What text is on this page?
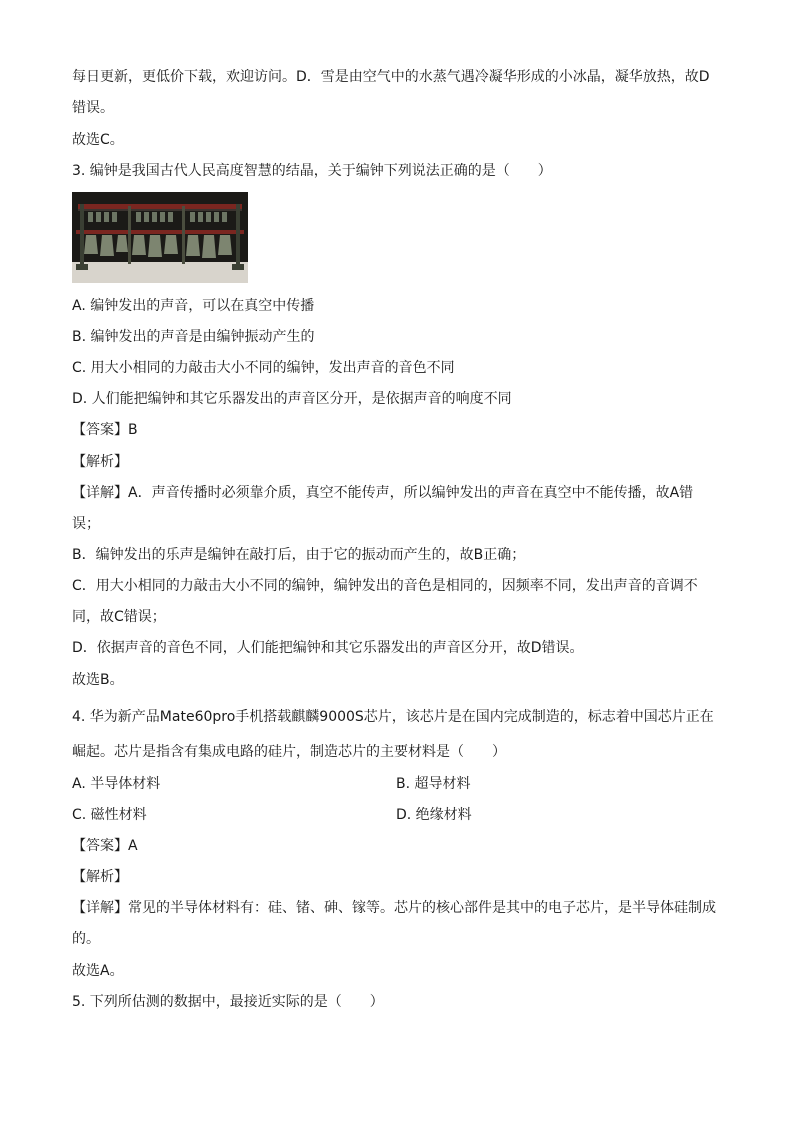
每日更新，更低价下载，欢迎访问。D．雪是由空气中的水蒸气遇冷凝华形成的小冰晶，凝华放热，故D
错误。
故选C。
3. 编钟是我国古代人民高度智慧的结晶，关于编钟下列说法正确的是（　　）
A. 编钟发出的声音，可以在真空中传播
B. 编钟发出的声音是由编钟振动产生的
C. 用大小相同的力敲击大小不同的编钟，发出声音的音色不同
D. 人们能把编钟和其它乐器发出的声音区分开，是依据声音的响度不同
【答案】B
【解析】
【详解】A．声音传播时必须靠介质，真空不能传声，所以编钟发出的声音在真空中不能传播，故A错
误；
B．编钟发出的乐声是编钟在敲打后，由于它的振动而产生的，故B正确；
C．用大小相同的力敲击大小不同的编钟，编钟发出的音色是相同的，因频率不同，发出声音的音调不
同，故C错误；
D．依据声音的音色不同，人们能把编钟和其它乐器发出的声音区分开，故D错误。
故选B。
4. 华为新产品Mate60pro手机搭载麒麟9000S芯片，该芯片是在国内完成制造的，标志着中国芯片正在
崛起。芯片是指含有集成电路的硅片，制造芯片的主要材料是（　　）
A. 半导体材料	B. 超导材料
C. 磁性材料	D. 绝缘材料
【答案】A
【解析】
【详解】常见的半导体材料有：硅、锗、砷、镓等。芯片的核心部件是其中的电子芯片，是半导体硅制成
的。
故选A。
5. 下列所估测的数据中，最接近实际的是（　　）
